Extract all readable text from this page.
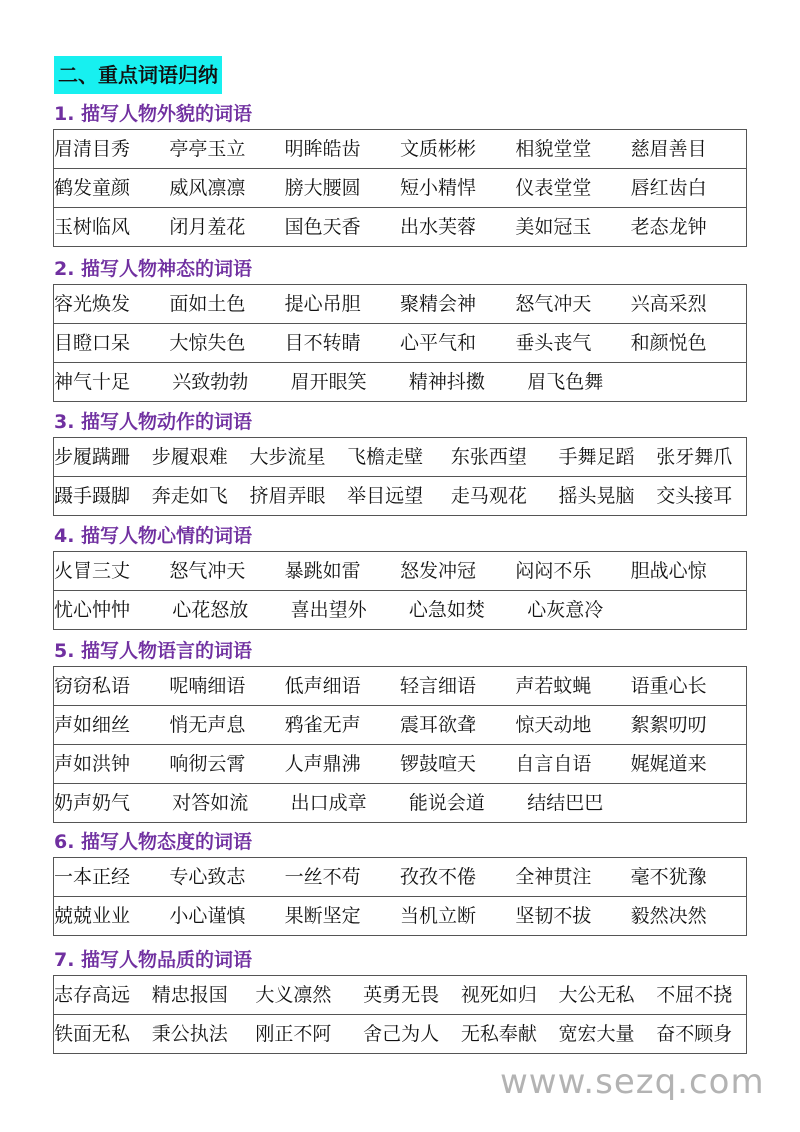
二、重点词语归纳
1. 描写人物外貌的词语
眉清目秀	亭亭玉立	明眸皓齿	文质彬彬	相貌堂堂	慈眉善目
鹤发童颜	威风凛凛	膀大腰圆	短小精悍	仪表堂堂	唇红齿白
玉树临风	闭月羞花	国色天香	出水芙蓉	美如冠玉	老态龙钟
2. 描写人物神态的词语
容光焕发	面如土色	提心吊胆	聚精会神	怒气冲天	兴高采烈
目瞪口呆	大惊失色	目不转睛	心平气和	垂头丧气	和颜悦色
神气十足	兴致勃勃	眉开眼笑	精神抖擞	眉飞色舞
3. 描写人物动作的词语
步履蹒跚	步履艰难	大步流星	飞檐走壁	东张西望	手舞足蹈	张牙舞爪
蹑手蹑脚	奔走如飞	挤眉弄眼	举目远望	走马观花	摇头晃脑	交头接耳
4. 描写人物心情的词语
火冒三丈	怒气冲天	暴跳如雷	怒发冲冠	闷闷不乐	胆战心惊
忧心忡忡	心花怒放	喜出望外	心急如焚	心灰意冷
5. 描写人物语言的词语
窃窃私语	呢喃细语	低声细语	轻言细语	声若蚊蝇	语重心长
声如细丝	悄无声息	鸦雀无声	震耳欲聋	惊天动地	絮絮叨叨
声如洪钟	响彻云霄	人声鼎沸	锣鼓喧天	自言自语	娓娓道来
奶声奶气	对答如流	出口成章	能说会道	结结巴巴
6. 描写人物态度的词语
一本正经	专心致志	一丝不苟	孜孜不倦	全神贯注	毫不犹豫
兢兢业业	小心谨慎	果断坚定	当机立断	坚韧不拔	毅然决然
7. 描写人物品质的词语
志存高远	精忠报国	大义凛然	英勇无畏	视死如归	大公无私	不屈不挠
铁面无私	秉公执法	刚正不阿	舍己为人	无私奉献	宽宏大量	奋不顾身
www.sezq.com
